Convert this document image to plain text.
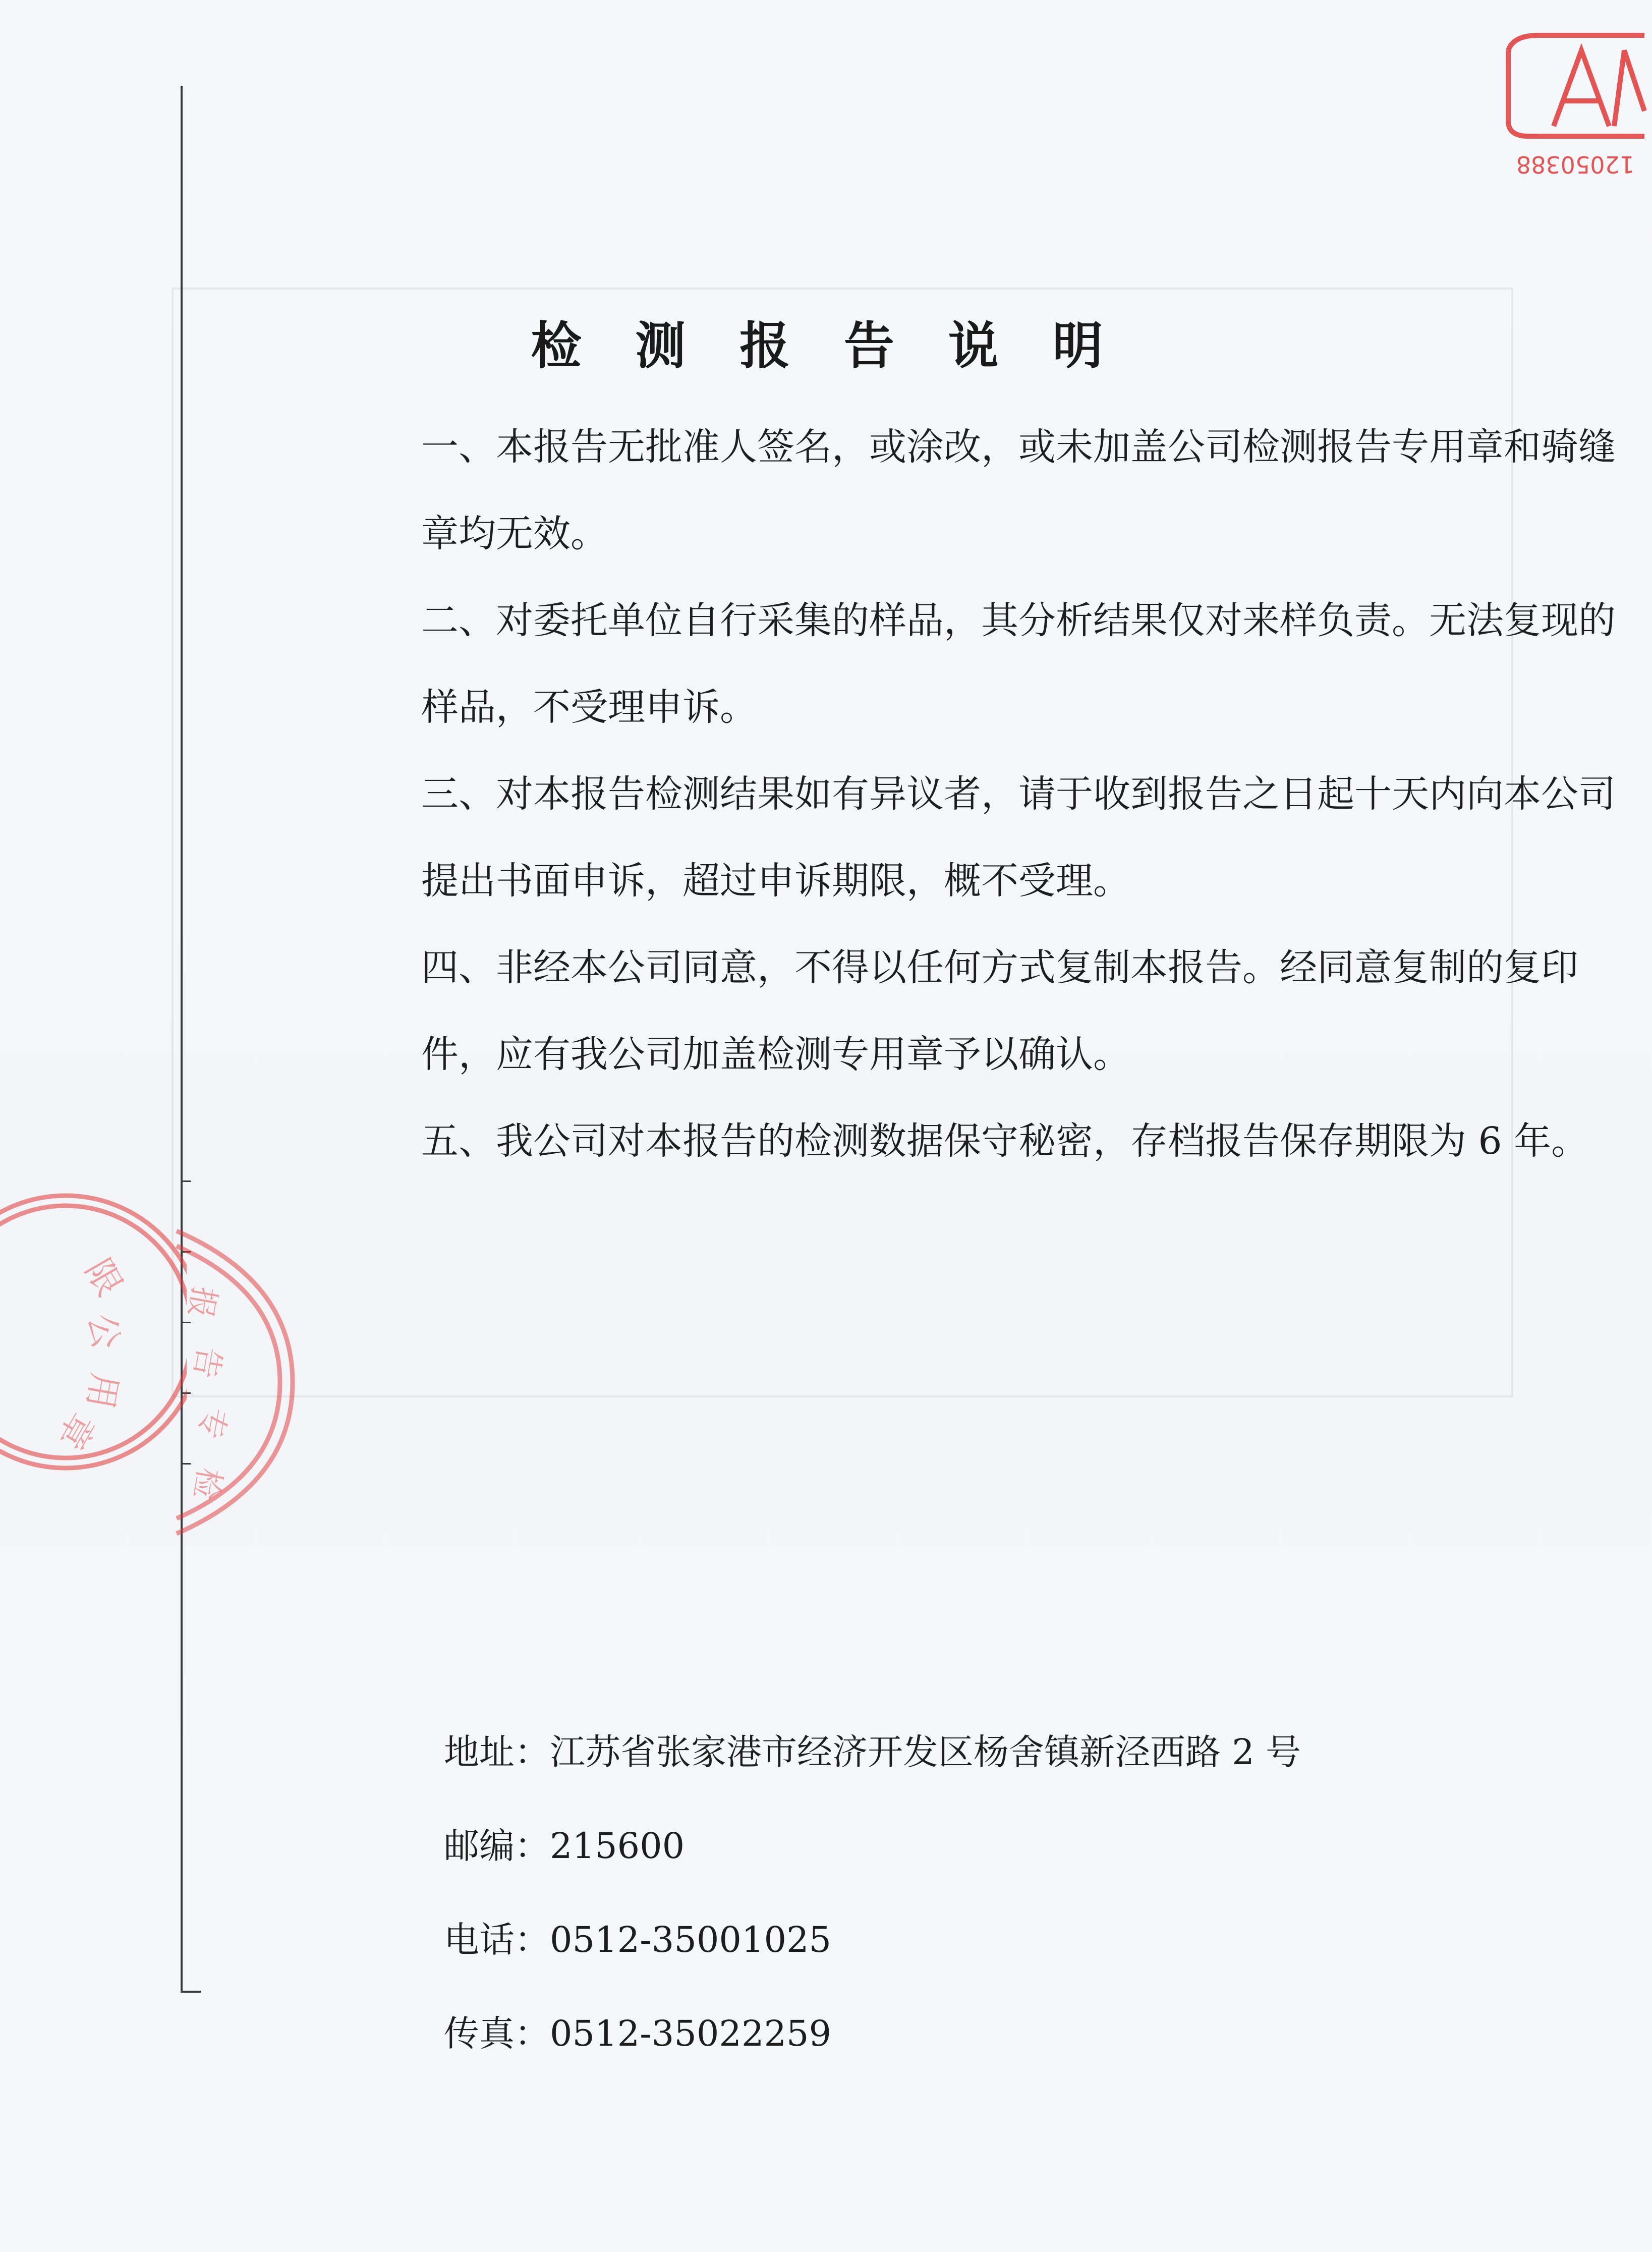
12050388
限
公
用
章
报
告
专
检
检 测 报 告 说 明

一、本报告无批准人签名，或涂改，或未加盖公司检测报告专用章和骑缝章均无效。

二、对委托单位自行采集的样品，其分析结果仅对来样负责。无法复现的样品，不受理申诉。

三、对本报告检测结果如有异议者，请于收到报告之日起十天内向本公司提出书面申诉，超过申诉期限，概不受理。

四、非经本公司同意，不得以任何方式复制本报告。经同意复制的复印件，应有我公司加盖检测专用章予以确认。

五、我公司对本报告的检测数据保守秘密，存档报告保存期限为 6 年。

地址：江苏省张家港市经济开发区杨舍镇新泾西路 2 号
邮编：215600
电话：0512-35001025
传真：0512-35022259
